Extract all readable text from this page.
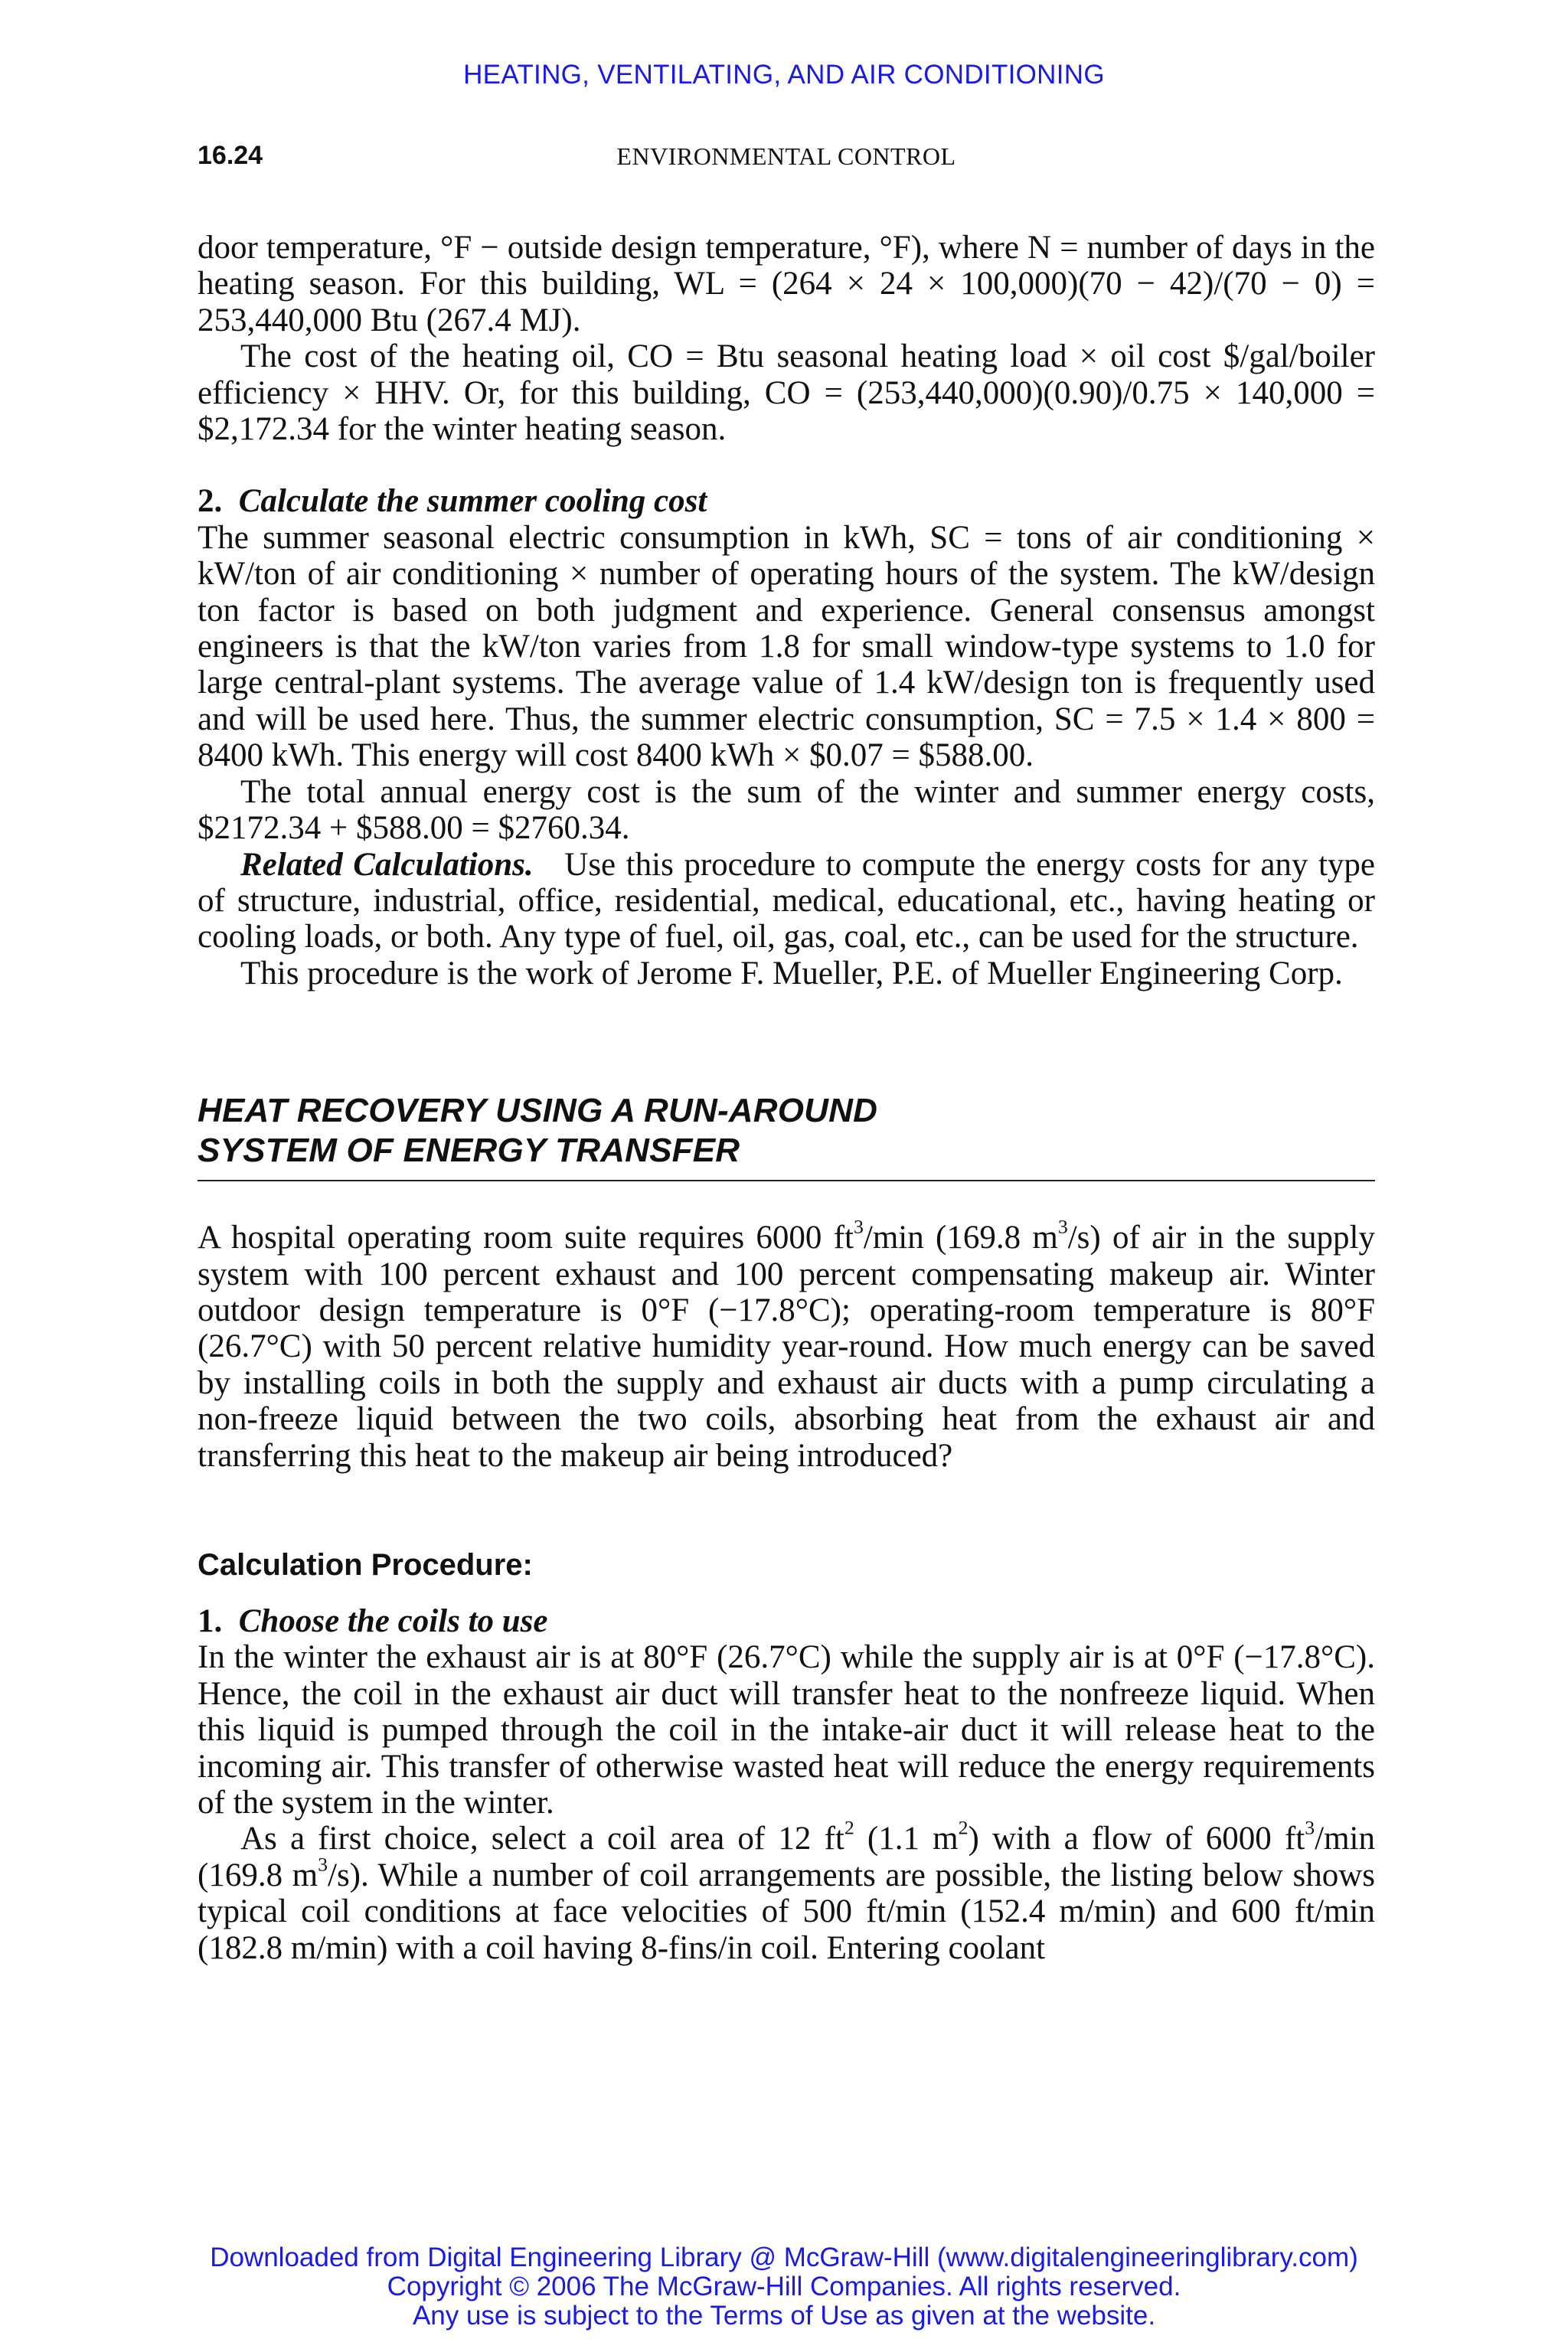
HEATING, VENTILATING, AND AIR CONDITIONING
16.24	ENVIRONMENTAL CONTROL

door temperature, °F − outside design temperature, °F), where N = number of days in the heating season. For this building, WL = (264 × 24 × 100,000)(70 − 42)/(70 − 0) = 253,440,000 Btu (267.4 MJ).

The cost of the heating oil, CO = Btu seasonal heating load × oil cost $/gal/boiler efficiency × HHV. Or, for this building, CO = (253,440,000)(0.90)/0.75 × 140,000 = $2,172.34 for the winter heating season.

2. Calculate the summer cooling cost

The summer seasonal electric consumption in kWh, SC = tons of air conditioning × kW/ton of air conditioning × number of operating hours of the system. The kW/design ton factor is based on both judgment and experience. General consensus amongst engineers is that the kW/ton varies from 1.8 for small window-type systems to 1.0 for large central-plant systems. The average value of 1.4 kW/design ton is frequently used and will be used here. Thus, the summer electric consumption, SC = 7.5 × 1.4 × 800 = 8400 kWh. This energy will cost 8400 kWh × $0.07 = $588.00.

The total annual energy cost is the sum of the winter and summer energy costs, $2172.34 + $588.00 = $2760.34.

Related Calculations. Use this procedure to compute the energy costs for any type of structure, industrial, office, residential, medical, educational, etc., having heating or cooling loads, or both. Any type of fuel, oil, gas, coal, etc., can be used for the structure.

This procedure is the work of Jerome F. Mueller, P.E. of Mueller Engineering Corp.

HEAT RECOVERY USING A RUN-AROUND
SYSTEM OF ENERGY TRANSFER

A hospital operating room suite requires 6000 $ft^3/\min$ (169.8 $m^3/s$) of air in the supply system with 100 percent exhaust and 100 percent compensating makeup air. Winter outdoor design temperature is 0°F (−17.8°C); operating-room temperature is 80°F (26.7°C) with 50 percent relative humidity year-round. How much energy can be saved by installing coils in both the supply and exhaust air ducts with a pump circulating a non-freeze liquid between the two coils, absorbing heat from the exhaust air and transferring this heat to the makeup air being introduced?

Calculation Procedure:

1. Choose the coils to use

In the winter the exhaust air is at 80°F (26.7°C) while the supply air is at 0°F (−17.8°C). Hence, the coil in the exhaust air duct will transfer heat to the nonfreeze liquid. When this liquid is pumped through the coil in the intake-air duct it will release heat to the incoming air. This transfer of otherwise wasted heat will reduce the energy requirements of the system in the winter.

As a first choice, select a coil area of 12 $ft^2$ (1.1 $m^2$) with a flow of 6000 $ft^3/\min$ (169.8 $m^3/s$). While a number of coil arrangements are possible, the listing below shows typical coil conditions at face velocities of 500 ft/min (152.4 m/min) and 600 ft/min (182.8 m/min) with a coil having 8-fins/in coil. Entering coolant

Downloaded from Digital Engineering Library @ McGraw-Hill (www.digitalengineeringlibrary.com)
Copyright © 2006 The McGraw-Hill Companies. All rights reserved.
Any use is subject to the Terms of Use as given at the website.
